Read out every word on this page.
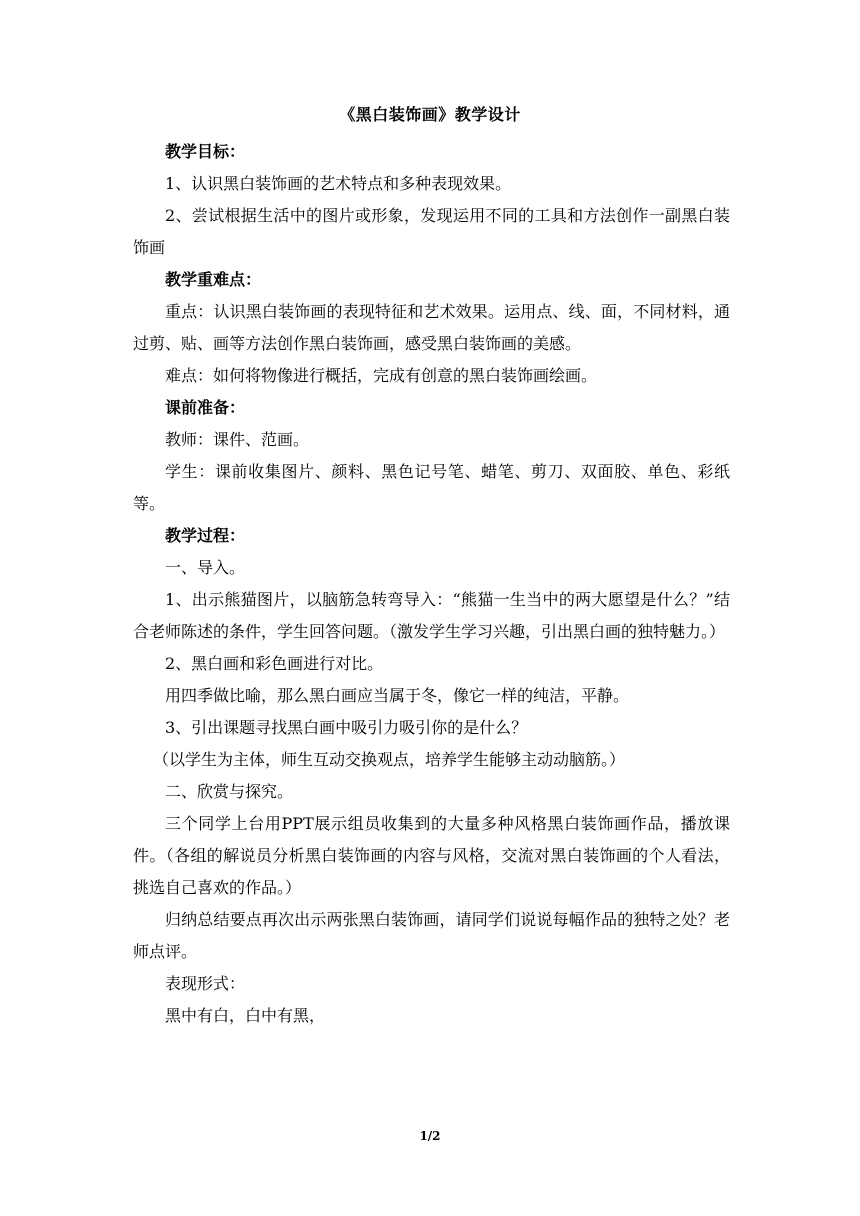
《黑白装饰画》教学设计

教学目标：

1、认识黑白装饰画的艺术特点和多种表现效果。

2、尝试根据生活中的图片或形象，发现运用不同的工具和方法创作一副黑白装饰画

教学重难点：

重点：认识黑白装饰画的表现特征和艺术效果。运用点、线、面，不同材料，通过剪、贴、画等方法创作黑白装饰画，感受黑白装饰画的美感。

难点：如何将物像进行概括，完成有创意的黑白装饰画绘画。

课前准备：

教师：课件、范画。

学生：课前收集图片、颜料、黑色记号笔、蜡笔、剪刀、双面胶、单色、彩纸等。

教学过程：

一、导入。

1、出示熊猫图片，以脑筋急转弯导入：“熊猫一生当中的两大愿望是什么？”结合老师陈述的条件，学生回答问题。（激发学生学习兴趣，引出黑白画的独特魅力。）

2、黑白画和彩色画进行对比。

用四季做比喻，那么黑白画应当属于冬，像它一样的纯洁，平静。

3、引出课题寻找黑白画中吸引力吸引你的是什么？

（以学生为主体，师生互动交换观点，培养学生能够主动动脑筋。）

二、欣赏与探究。

三个同学上台用PPT展示组员收集到的大量多种风格黑白装饰画作品，播放课件。（各组的解说员分析黑白装饰画的内容与风格，交流对黑白装饰画的个人看法，挑选自己喜欢的作品。）

归纳总结要点再次出示两张黑白装饰画，请同学们说说每幅作品的独特之处？老师点评。

表现形式：

黑中有白，白中有黑，

1/2
